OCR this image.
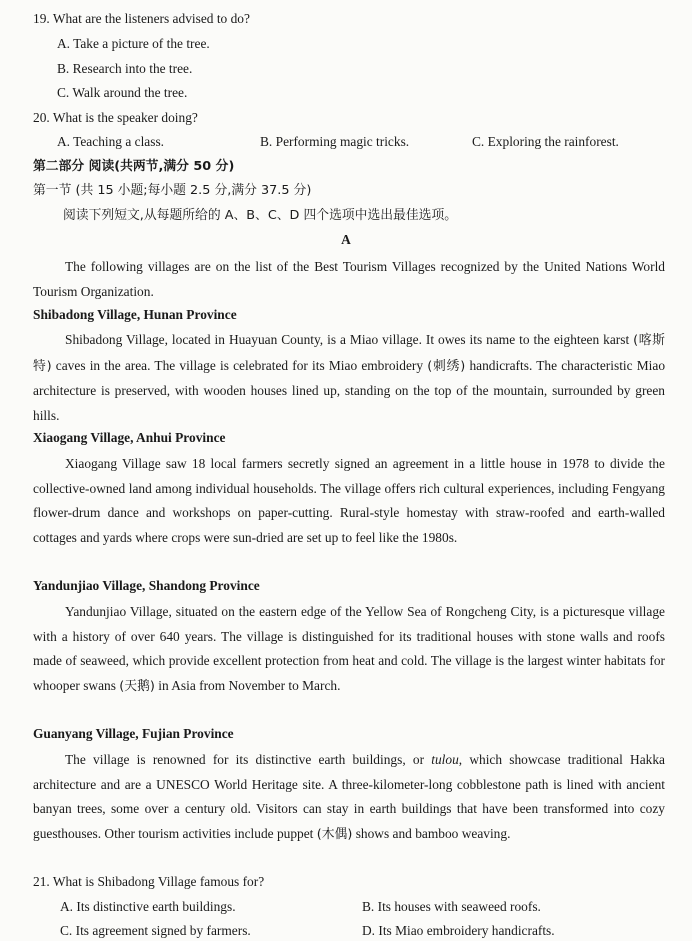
19. What are the listeners advised to do?
A. Take a picture of the tree.
B. Research into the tree.
C. Walk around the tree.
20. What is the speaker doing?
A. Teaching a class.	B. Performing magic tricks.	C. Exploring the rainforest.
第二部分 阅读(共两节,满分 50 分)
第一节 (共 15 小题;每小题 2.5 分,满分 37.5 分)
阅读下列短文,从每题所给的 A、B、C、D 四个选项中选出最佳选项。
A
The following villages are on the list of the Best Tourism Villages recognized by the United Nations World Tourism Organization.
Shibadong Village, Hunan Province
Shibadong Village, located in Huayuan County, is a Miao village. It owes its name to the eighteen karst (喀斯特) caves in the area. The village is celebrated for its Miao embroidery (刺绣) handicrafts. The characteristic Miao architecture is preserved, with wooden houses lined up, standing on the top of the mountain, surrounded by green hills.
Xiaogang Village, Anhui Province
Xiaogang Village saw 18 local farmers secretly signed an agreement in a little house in 1978 to divide the collective-owned land among individual households. The village offers rich cultural experiences, including Fengyang flower-drum dance and workshops on paper-cutting. Rural-style homestay with straw-roofed and earth-walled cottages and yards where crops were sun-dried are set up to feel like the 1980s.
Yandunjiao Village, Shandong Province
Yandunjiao Village, situated on the eastern edge of the Yellow Sea of Rongcheng City, is a picturesque village with a history of over 640 years. The village is distinguished for its traditional houses with stone walls and roofs made of seaweed, which provide excellent protection from heat and cold. The village is the largest winter habitats for whooper swans (天鹅) in Asia from November to March.
Guanyang Village, Fujian Province
The village is renowned for its distinctive earth buildings, or tulou, which showcase traditional Hakka architecture and are a UNESCO World Heritage site. A three-kilometer-long cobblestone path is lined with ancient banyan trees, some over a century old. Visitors can stay in earth buildings that have been transformed into cozy guesthouses. Other tourism activities include puppet (木偶) shows and bamboo weaving.
21. What is Shibadong Village famous for?
A. Its distinctive earth buildings.	B. Its houses with seaweed roofs.
C. Its agreement signed by farmers.	D. Its Miao embroidery handicrafts.
